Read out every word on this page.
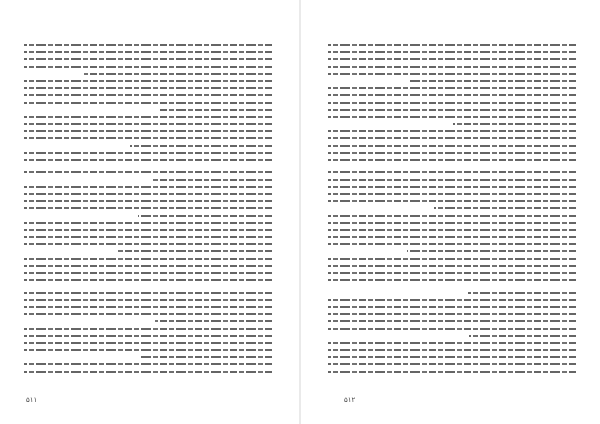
۵۱۱	۵۱۲
